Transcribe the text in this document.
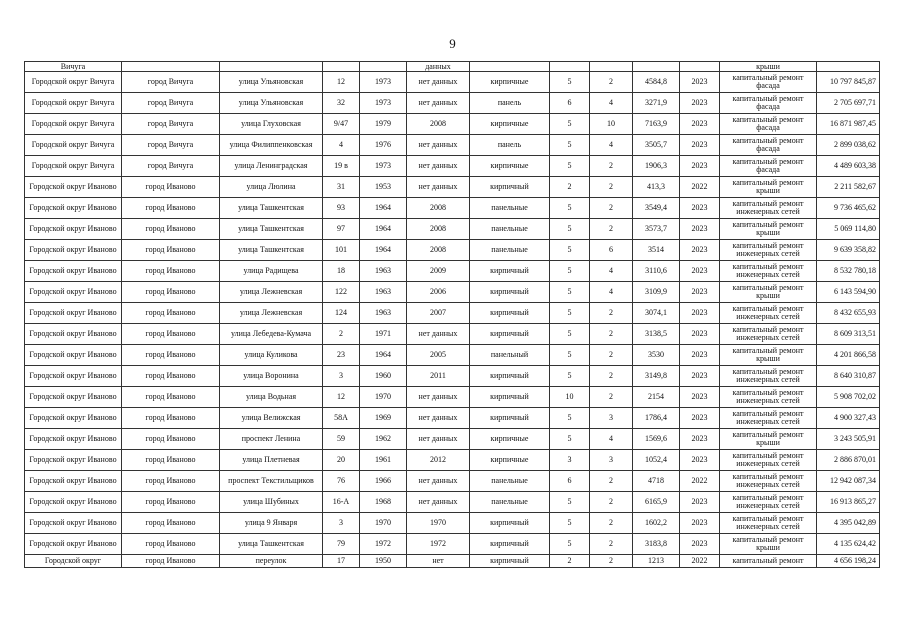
9
Вичуга					данных						крыши	
Городской округ Вичуга	город Вичуга	улица Ульяновская	12	1973	нет данных	кирпичные	5	2	4584,8	2023	капитальный ремонт фасада	10 797 845,87
Городской округ Вичуга	город Вичуга	улица Ульяновская	32	1973	нет данных	панель	6	4	3271,9	2023	капитальный ремонт фасада	2 705 697,71
Городской округ Вичуга	город Вичуга	улица Глуховская	9/47	1979	2008	кирпичные	5	10	7163,9	2023	капитальный ремонт фасада	16 871 987,45
Городской округ Вичуга	город Вичуга	улица Филиппенковская	4	1976	нет данных	панель	5	4	3505,7	2023	капитальный ремонт фасада	2 899 038,62
Городской округ Вичуга	город Вичуга	улица Ленинградская	19 в	1973	нет данных	кирпичные	5	2	1906,3	2023	капитальный ремонт фасада	4 489 603,38
Городской округ Иваново	город Иваново	улица Люлина	31	1953	нет данных	кирпичный	2	2	413,3	2022	капитальный ремонт крыши	2 211 582,67
Городской округ Иваново	город Иваново	улица Ташкентская	93	1964	2008	панельные	5	2	3549,4	2023	капитальный ремонт инженерных сетей	9 736 465,62
Городской округ Иваново	город Иваново	улица Ташкентская	97	1964	2008	панельные	5	2	3573,7	2023	капитальный ремонт крыши	5 069 114,80
Городской округ Иваново	город Иваново	улица Ташкентская	101	1964	2008	панельные	5	6	3514	2023	капитальный ремонт инженерных сетей	9 639 358,82
Городской округ Иваново	город Иваново	улица Радищева	18	1963	2009	кирпичный	5	4	3110,6	2023	капитальный ремонт инженерных сетей	8 532 780,18
Городской округ Иваново	город Иваново	улица Лежневская	122	1963	2006	кирпичный	5	4	3109,9	2023	капитальный ремонт крыши	6 143 594,90
Городской округ Иваново	город Иваново	улица Лежневская	124	1963	2007	кирпичный	5	2	3074,1	2023	капитальный ремонт инженерных сетей	8 432 655,93
Городской округ Иваново	город Иваново	улица Лебедева-Кумача	2	1971	нет данных	кирпичный	5	2	3138,5	2023	капитальный ремонт инженерных сетей	8 609 313,51
Городской округ Иваново	город Иваново	улица Куликова	23	1964	2005	панельный	5	2	3530	2023	капитальный ремонт крыши	4 201 866,58
Городской округ Иваново	город Иваново	улица Воронина	3	1960	2011	кирпичный	5	2	3149,8	2023	капитальный ремонт инженерных сетей	8 640 310,87
Городской округ Иваново	город Иваново	улица Водьная	12	1970	нет данных	кирпичный	10	2	2154	2023	капитальный ремонт инженерных сетей	5 908 702,02
Городской округ Иваново	город Иваново	улица Велижская	58А	1969	нет данных	кирпичный	5	3	1786,4	2023	капитальный ремонт инженерных сетей	4 900 327,43
Городской округ Иваново	город Иваново	проспект Ленина	59	1962	нет данных	кирпичные	5	4	1569,6	2023	капитальный ремонт крыши	3 243 505,91
Городской округ Иваново	город Иваново	улица Плетневая	20	1961	2012	кирпичные	3	3	1052,4	2023	капитальный ремонт инженерных сетей	2 886 870,01
Городской округ Иваново	город Иваново	проспект Текстильщиков	76	1966	нет данных	панельные	6	2	4718	2022	капитальный ремонт инженерных сетей	12 942 087,34
Городской округ Иваново	город Иваново	улица Шубиных	16-А	1968	нет данных	панельные	5	2	6165,9	2023	капитальный ремонт инженерных сетей	16 913 865,27
Городской округ Иваново	город Иваново	улица 9 Января	3	1970	1970	кирпичный	5	2	1602,2	2023	капитальный ремонт инженерных сетей	4 395 042,89
Городской округ Иваново	город Иваново	улица Ташкентская	79	1972	1972	кирпичный	5	2	3183,8	2023	капитальный ремонт крыши	4 135 624,42
Городской округ	город Иваново	переулок	17	1950	нет	кирпичный	2	2	1213	2022	капитальный ремонт	4 656 198,24
